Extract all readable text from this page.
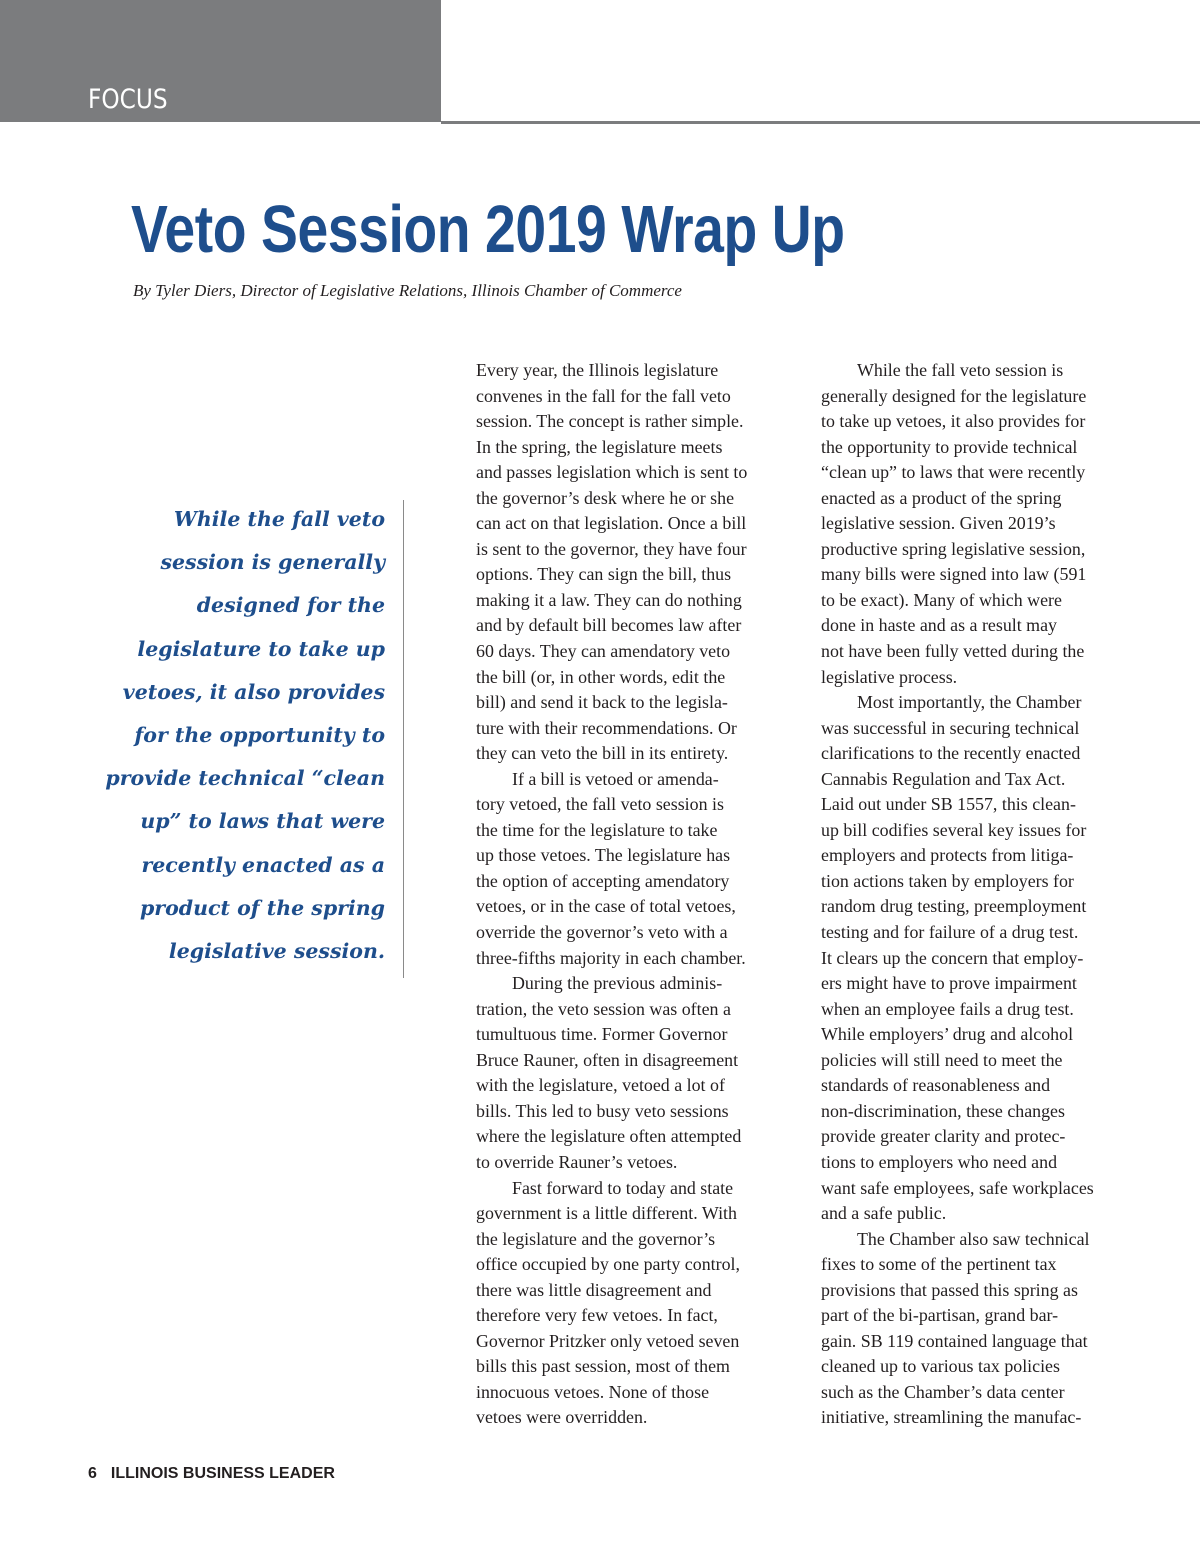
FOCUS
Veto Session 2019 Wrap Up
By Tyler Diers, Director of Legislative Relations, Illinois Chamber of Commerce
While the fall veto
session is generally
designed for the
legislature to take up
vetoes, it also provides
for the opportunity to
provide technical “clean
up” to laws that were
recently enacted as a
product of the spring
legislative session.
Every year, the Illinois legislature
convenes in the fall for the fall veto
session. The concept is rather simple.
In the spring, the legislature meets
and passes legislation which is sent to
the governor’s desk where he or she
can act on that legislation. Once a bill
is sent to the governor, they have four
options. They can sign the bill, thus
making it a law. They can do nothing
and by default bill becomes law after
60 days. They can amendatory veto
the bill (or, in other words, edit the
bill) and send it back to the legisla-
ture with their recommendations. Or
they can veto the bill in its entirety.
If a bill is vetoed or amenda-
tory vetoed, the fall veto session is
the time for the legislature to take
up those vetoes. The legislature has
the option of accepting amendatory
vetoes, or in the case of total vetoes,
override the governor’s veto with a
three-fifths majority in each chamber.
During the previous adminis-
tration, the veto session was often a
tumultuous time. Former Governor
Bruce Rauner, often in disagreement
with the legislature, vetoed a lot of
bills. This led to busy veto sessions
where the legislature often attempted
to override Rauner’s vetoes.
Fast forward to today and state
government is a little different. With
the legislature and the governor’s
office occupied by one party control,
there was little disagreement and
therefore very few vetoes. In fact,
Governor Pritzker only vetoed seven
bills this past session, most of them
innocuous vetoes. None of those
vetoes were overridden.
While the fall veto session is
generally designed for the legislature
to take up vetoes, it also provides for
the opportunity to provide technical
“clean up” to laws that were recently
enacted as a product of the spring
legislative session. Given 2019’s
productive spring legislative session,
many bills were signed into law (591
to be exact). Many of which were
done in haste and as a result may
not have been fully vetted during the
legislative process.
Most importantly, the Chamber
was successful in securing technical
clarifications to the recently enacted
Cannabis Regulation and Tax Act.
Laid out under SB 1557, this clean-
up bill codifies several key issues for
employers and protects from litiga-
tion actions taken by employers for
random drug testing, preemployment
testing and for failure of a drug test.
It clears up the concern that employ-
ers might have to prove impairment
when an employee fails a drug test.
While employers’ drug and alcohol
policies will still need to meet the
standards of reasonableness and
non-discrimination, these changes
provide greater clarity and protec-
tions to employers who need and
want safe employees, safe workplaces
and a safe public.
The Chamber also saw technical
fixes to some of the pertinent tax
provisions that passed this spring as
part of the bi-partisan, grand bar-
gain. SB 119 contained language that
cleaned up to various tax policies
such as the Chamber’s data center
initiative, streamlining the manufac-
6 ILLINOIS BUSINESS LEADER
